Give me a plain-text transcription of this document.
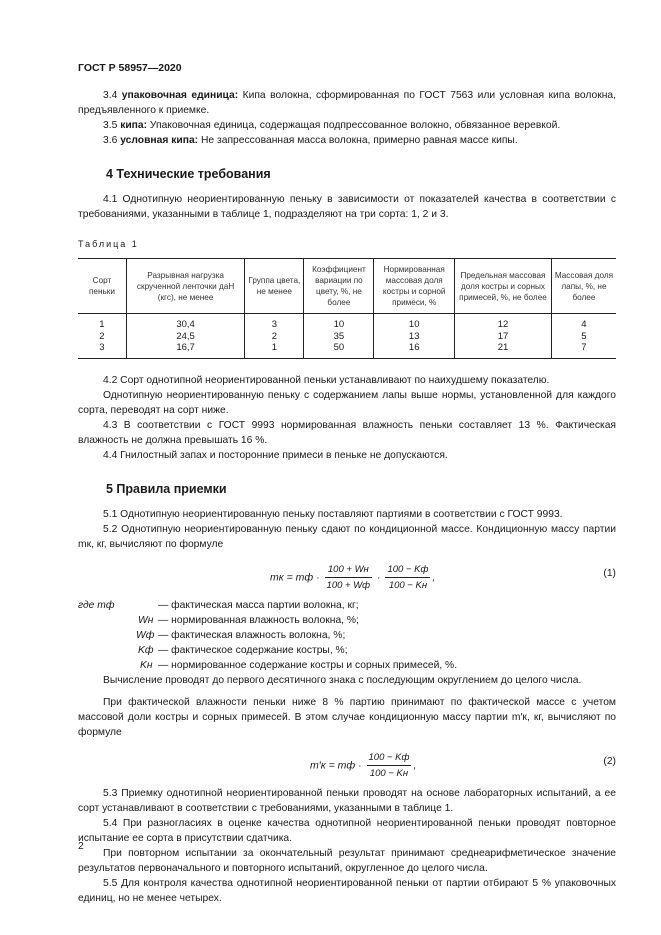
ГОСТ Р 58957—2020

3.4 упаковочная единица: Кипа волокна, сформированная по ГОСТ 7563 или условная кипа волокна, предъявленного к приемке.

3.5 кипа: Упаковочная единица, содержащая подпрессованное волокно, обвязанное веревкой.

3.6 условная кипа: Не запрессованная масса волокна, примерно равная массе кипы.

4 Технические требования

4.1 Однотипную неориентированную пеньку в зависимости от показателей качества в соответствии с требованиями, указанными в таблице 1, подразделяют на три сорта: 1, 2 и 3.

Таблица 1
Сорт пеньки	Разрывная нагрузка скрученной ленточки даН (кгс), не менее	Группа цвета, не менее	Коэффициент вариации по цвету, %, не более	Нормированная массовая доля костры и сорной примеси, %	Предельная массовая доля костры и сорных примесей, %, не более	Массовая доля лапы, %, не более
1	30,4	3	10	10	12	4
2	24,5	2	35	13	17	5
3	16,7	1	50	16	21	7

4.2 Сорт однотипной неориентированной пеньки устанавливают по наихудшему показателю.

Однотипную неориентированную пеньку с содержанием лапы выше нормы, установленной для каждого сорта, переводят на сорт ниже.

4.3 В соответствии с ГОСТ 9993 нормированная влажность пеньки составляет 13 %. Фактическая влажность не должна превышать 16 %.

4.4 Гнилостный запах и посторонние примеси в пеньке не допускаются.

5 Правила приемки

5.1 Однотипную неориентированную пеньку поставляют партиями в соответствии с ГОСТ 9993.

5.2 Однотипную неориентированную пеньку сдают по кондиционной массе. Кондиционную массу партии mк, кг, вычисляют по формуле

mк = mф · $\frac{100 + Wн}{100 + Wф} \cdot \frac{100 - Kф}{100 - Kн}$ ,	(1)
где mф	— фактическая масса партии волокна, кг;
Wн — нормированная влажность волокна, %;
Wф — фактическая влажность волокна, %;
Kф — фактическое содержание костры, %;
Kн — нормированное содержание костры и сорных примесей, %.

Вычисление проводят до первого десятичного знака с последующим округлением до целого числа.

При фактической влажности пеньки ниже 8 % партию принимают по фактической массе с учетом массовой доли костры и сорных примесей. В этом случае кондиционную массу партии m′к, кг, вычисляют по формуле

m′к = mф · $\frac{100 - Kф}{100 - Kн}$ ,	(2)

5.3 Приемку однотипной неориентированной пеньки проводят на основе лабораторных испытаний, а ее сорт устанавливают в соответствии с требованиями, указанными в таблице 1.

5.4 При разногласиях в оценке качества однотипной неориентированной пеньки проводят повторное испытание ее сорта в присутствии сдатчика.

При повторном испытании за окончательный результат принимают среднеарифметическое значение результатов первоначального и повторного испытаний, округленное до целого числа.

5.5 Для контроля качества однотипной неориентированной пеньки от партии отбирают 5 % упаковочных единиц, но не менее четырех.

2
